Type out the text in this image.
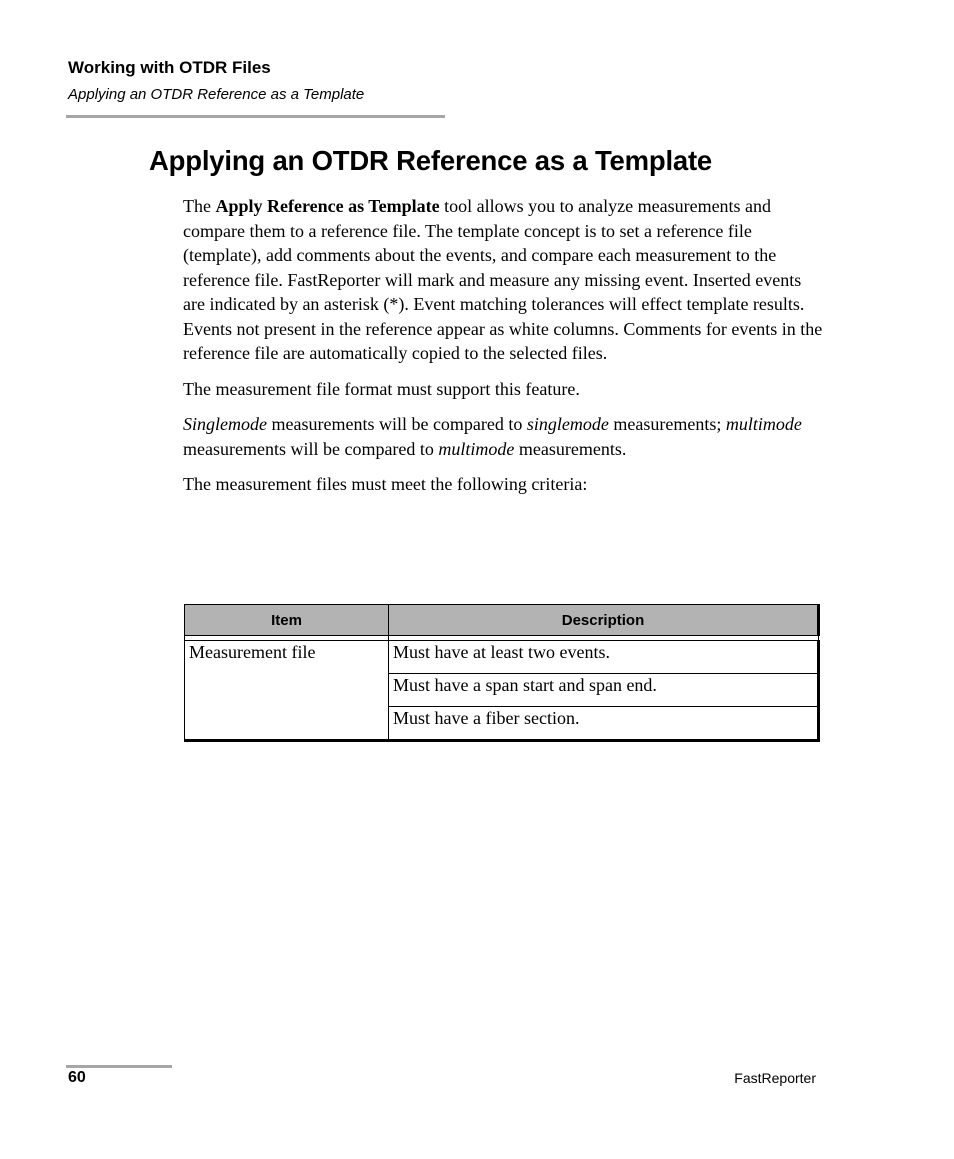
Working with OTDR Files
Applying an OTDR Reference as a Template
Applying an OTDR Reference as a Template

The Apply Reference as Template tool allows you to analyze measurements and compare them to a reference file. The template concept is to set a reference file (template), add comments about the events, and compare each measurement to the reference file. FastReporter will mark and measure any missing event. Inserted events are indicated by an asterisk (*). Event matching tolerances will effect template results. Events not present in the reference appear as white columns. Comments for events in the reference file are automatically copied to the selected files.

The measurement file format must support this feature.

Singlemode measurements will be compared to singlemode measurements; multimode measurements will be compared to multimode measurements.

The measurement files must meet the following criteria:

Item	Description

Measurement file	Must have at least two events.
	Must have a span start and span end.
	Must have a fiber section.
60	FastReporter
